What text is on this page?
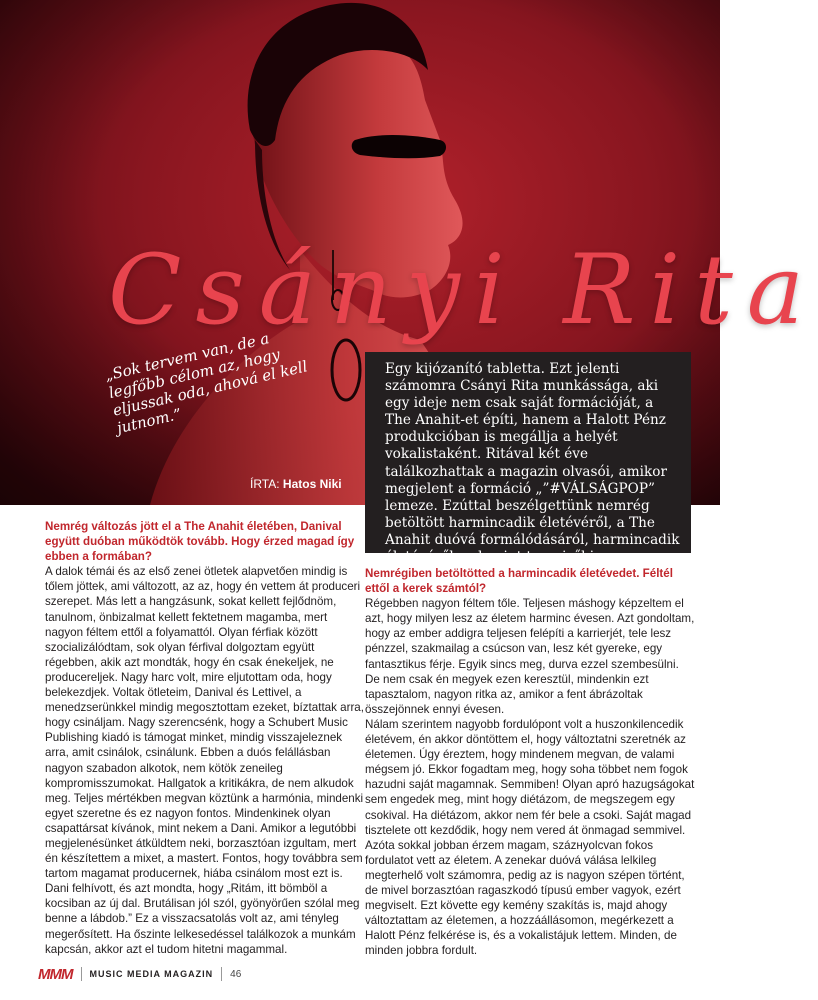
Csányi Rita

„Sok tervem van, de a legfőbb célom az, hogy eljussak oda, ahová el kell jutnom.”

ÍRTA: Hatos Niki
Egy kijózanító tabletta. Ezt jelenti számomra Csányi Rita munkássága, aki egy ideje nem csak saját formációját, a The Anahit-et építi, hanem a Halott Pénz produkcióban is megállja a helyét vokalistaként. Ritával két éve találkozhattak a magazin olvasói, amikor megjelent a formáció „”#VÁLSÁGPOP” lemeze. Ezúttal beszélgettünk nemrég betöltött harmincadik életévéről, a The Anahit duóvá formálódásáról, harmincadik életévéről, valamint terveiről is.

Nemrég változás jött el a The Anahit életében, Danival együtt duóban működtök tovább. Hogy érzed magad így ebben a formában?

A dalok témái és az első zenei ötletek alapvetően mindig is tőlem jöttek, ami változott, az az, hogy én vettem át producerі szerepet. Más lett a hangzásunk, sokat kellett fejlődnöm, tanulnom, önbizalmat kellett fektetnem magamba, mert nagyon féltem ettől a folyamattól. Olyan férfiak között szocializálódtam, sok olyan férfival dolgoztam együtt régebben, akik azt mondták, hogy én csak énekeljek, ne producereljek. Nagy harc volt, mire eljutottam oda, hogy belekezdjek. Voltak ötleteim, Danival és Lettivel, a menedzserünkkel mindig megosztottam ezeket, bíztattak arra, hogy csináljam. Nagy szerencsénk, hogy a Schubert Music Publishing kiadó is támogat minket, mindig visszajeleznek arra, amit csinálok, csinálunk. Ebben a duós felállásban nagyon szabadon alkotok, nem kötök zeneileg kompromisszumokat. Hallgatok a kritikákra, de nem alkudok meg. Teljes mértékben megvan köztünk a harmónia, mindenki egyet szeretne és ez nagyon fontos. Mindenkinek olyan csapattársat kívánok, mint nekem a Dani. Amikor a legutóbbi megjelenésünket átküldtem neki, borzasztóan izgultam, mert én készítettem a mixet, a mastert. Fontos, hogy továbbra sem tartom magamat producernek, hiába csinálom most ezt is. Dani felhívott, és azt mondta, hogy „Ritám, itt bömböl a kocsiban az új dal. Brutálisan jól szól, gyönyörűen szólal meg benne a lábdob.” Ez a visszacsatolás volt az, ami tényleg megerősített. Ha őszinte lelkesedéssel találkozok a munkám kapcsán, akkor azt el tudom hitetni magammal.

Nemrégiben betöltötted a harmincadik életévedet. Féltél ettől a kerek számtól?

Régebben nagyon féltem tőle. Teljesen máshogy képzeltem el azt, hogy milyen lesz az életem harminc évesen. Azt gondoltam, hogy az ember addigra teljesen felépíti a karrierjét, tele lesz pénzzel, szakmailag a csúcson van, lesz két gyereke, egy fantasztikus férje. Egyik sincs meg, durva ezzel szembesülni. De nem csak én megyek ezen keresztül, mindenkin ezt tapasztalom, nagyon ritka az, amikor a fent ábrázoltak összejönnek ennyi évesen.

Nálam szerintem nagyobb fordulópont volt a huszonkilencedik életévem, én akkor döntöttem el, hogy változtatni szeretnék az életemen. Úgy éreztem, hogy mindenem megvan, de valami mégsem jó. Ekkor fogadtam meg, hogy soha többet nem fogok hazudni saját magamnak. Semmiben! Olyan apró hazugságokat sem engedek meg, mint hogy diétázom, de megszegem egy csokival. Ha diétázom, akkor nem fér bele a csoki. Saját magad tisztelete ott kezdődik, hogy nem vered át önmagad semmivel. Azóta sokkal jobban érzem magam, százнyolcvan fokos fordulatot vett az életem. A zenekar duóvá válása lelkileg megterhelő volt számomra, pedig az is nagyon szépen történt, de mivel borzasztóan ragaszkodó típusú ember vagyok, ezért megviselt. Ezt követte egy kemény szakítás is, majd ahogy változtattam az életemen, a hozzáállásomon, megérkezett a Halott Pénz felkérése is, és a vokalistájuk lettem. Minden, de minden jobbra fordult.

MMM MUSIC MEDIA MAGAZIN 46
